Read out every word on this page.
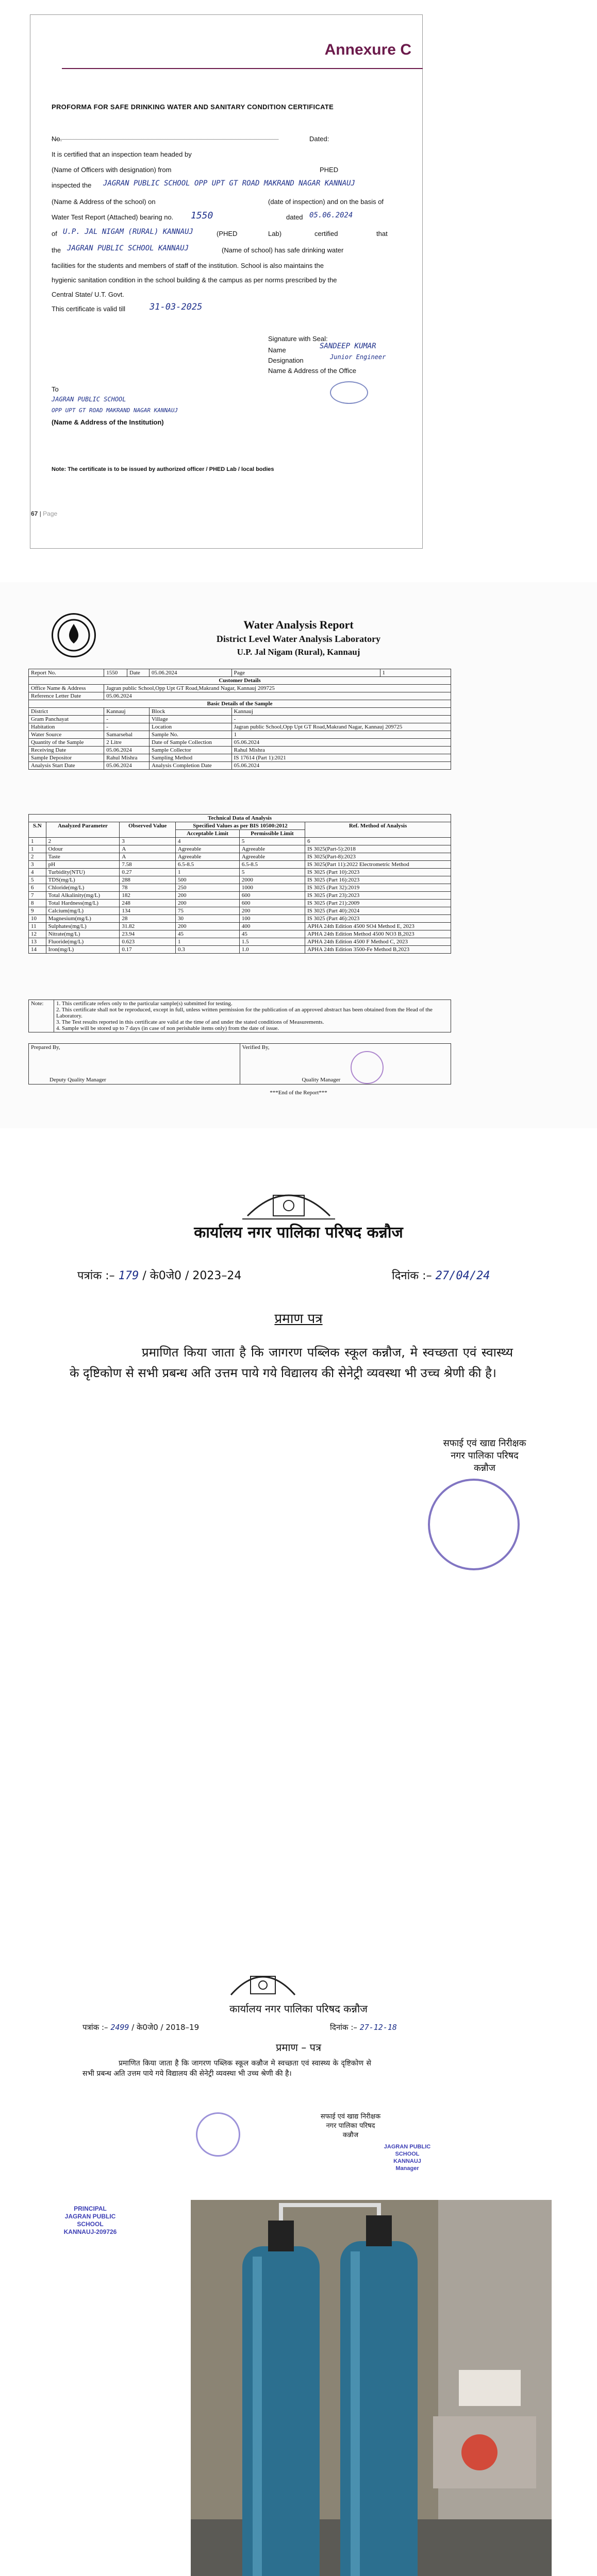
Annexure C
PROFORMA FOR SAFE DRINKING WATER AND SANITARY CONDITION CERTIFICATE
No.	Dated:
It is certified that an inspection team headed by
(Name of Officers with designation) from	PHED
inspected the JAGRAN PUBLIC SCHOOL OPP UPT GT ROAD MAKRAND NAGAR KANNAUJ
(Name & Address of the school) on	(date of inspection) and on the basis of
Water Test Report (Attached) bearing no. 1550	dated 05.06.2024
of U.P. JAL NIGAM (RURAL) KANNAUJ	(PHED	Lab)	certified	that
the JAGRAN PUBLIC SCHOOL KANNAUJ	(Name of school) has safe drinking water
facilities for the students and members of staff of the institution. School is also maintains the
hygienic sanitation condition in the school building & the campus as per norms prescribed by the
Central State/ U.T. Govt.
This certificate is valid till	31-03-2025
Signature with Seal:
Name	SANDEEP KUMAR
Designation	Junior Engineer
Name & Address of the Office
To
JAGRAN PUBLIC SCHOOL
OPP UPT GT ROAD MAKRAND NAGAR KANNAUJ
(Name & Address of the Institution)
Note: The certificate is to be issued by authorized officer / PHED Lab / local bodies
67 | Page
Water Analysis Report
District Level Water Analysis Laboratory
U.P. Jal Nigam (Rural), Kannauj
Report No.	1550	Date	05.06.2024	Page	1
Customer Details					
Office Name & Address	Jagran public School,Opp Upt GT Road,Makrand Nagar, Kannauj 209725				
Reference Letter Date	05.06.2024				
Basic Details of the Sample					
District	Kannauj		Block	Kannauj	
Gram Panchayat	-		Village	-	
Habitation	-		Location	Jagran public School,Opp Upt GT Road,Makrand Nagar, Kannauj 209725	
Water Source	Samarsebal		Sample No.	1	
Quantity of the Sample	2 Litre		Date of Sample Collection	05.06.2024	
Receiving Date	05.06.2024		Sample Collector	Rahul Mishra	
Sample Depositor	Rahul Mishra		Sampling Method	IS 17614 (Part 1):2021	
Analysis Start Date	05.06.2024		Analysis Completion Date	05.06.2024	
Technical Data of Analysis					
S.N	Analyzed Parameter	Observed Value	Specified Values as per BIS 10500:2012		Ref. Method of Analysis
			Acceptable Limit	Permissible Limit	
1	2	3	4	5	6
1	Odour	A	Agreeable	Agreeable	IS 3025(Part-5):2018
2	Taste	A	Agreeable	Agreeable	IS 3025(Part-8):2023
3	pH	7.58	6.5-8.5	6.5-8.5	IS 3025(Part 11):2022 Electrometric Method
4	Turbidity(NTU)	0.27	1	5	IS 3025 (Part 10):2023
5	TDS(mg/L)	288	500	2000	IS 3025 (Part 16):2023
6	Chloride(mg/L)	78	250	1000	IS 3025 (Part 32):2019
7	Total Alkalinity(mg/L)	182	200	600	IS 3025 (Part 23):2023
8	Total Hardness(mg/L)	248	200	600	IS 3025 (Part 21):2009
9	Calcium(mg/L)	134	75	200	IS 3025 (Part 40):2024
10	Magnesium(mg/L)	28	30	100	IS 3025 (Part 46):2023
11	Sulphates(mg/L)	31.82	200	400	APHA 24th Edition 4500 SO4 Method E, 2023
12	Nitrate(mg/L)	23.94	45	45	APHA 24th Edition Method 4500 NO3 B,2023
13	Fluoride(mg/L)	0.623	1	1.5	APHA 24th Edition 4500 F Method C, 2023
14	Iron(mg/L)	0.17	0.3	1.0	APHA 24th Edition 3500-Fe Method B,2023
Note:	1. This certificate refers only to the particular sample(s) submitted for testing.
2. This certificate shall not be reproduced, except in full, unless written permission for the publication of an approved abstract has been obtained from the Head of the Laboratory.
3. The Test results reported in this certificate are valid at the time of and under the stated conditions of Measurements.
4. Sample will be stored up to 7 days (in case of non perishable items only) from the date of issue.
Prepared By,
Deputy Quality Manager

Verified By,
Quality Manager
***End of the Report***
कार्यालय नगर पालिका परिषद कन्नौज
पत्रांक :– 179 / के0जे0 / 2023–24	दिनांक :– 27/04/24
प्रमाण पत्र
प्रमाणित किया जाता है कि जागरण पब्लिक स्कूल कन्नौज, मे स्वच्छता एवं स्वास्थ्य के दृष्टिकोण से सभी प्रबन्ध अति उत्तम पाये गये विद्यालय की सेनेट्री व्यवस्था भी उच्च श्रेणी की है।
सफाई एवं खाद्य निरीक्षक
नगर पालिका परिषद
कन्नौज
कार्यालय नगर पालिका परिषद कन्नौज
पत्रांक :– 2499 / के0जे0 / 2018–19	दिनांक :– 27-12-18
प्रमाण – पत्र
प्रमाणित किया जाता है कि जागरण पब्लिक स्कूल कन्नौज मे स्वच्छता एवं स्वास्थ्य के दृष्टिकोण से सभी प्रबन्ध अति उत्तम पाये गये विद्यालय की सेनेट्री व्यवस्था भी उच्च श्रेणी की है।
सफाई एवं खाद्य निरीक्षक
नगर पालिका परिषद
कन्नौज
JAGRAN PUBLIC SCHOOL
KANNAUJ
Manager
PRINCIPAL
JAGRAN PUBLIC SCHOOL
KANNAUJ-209726
